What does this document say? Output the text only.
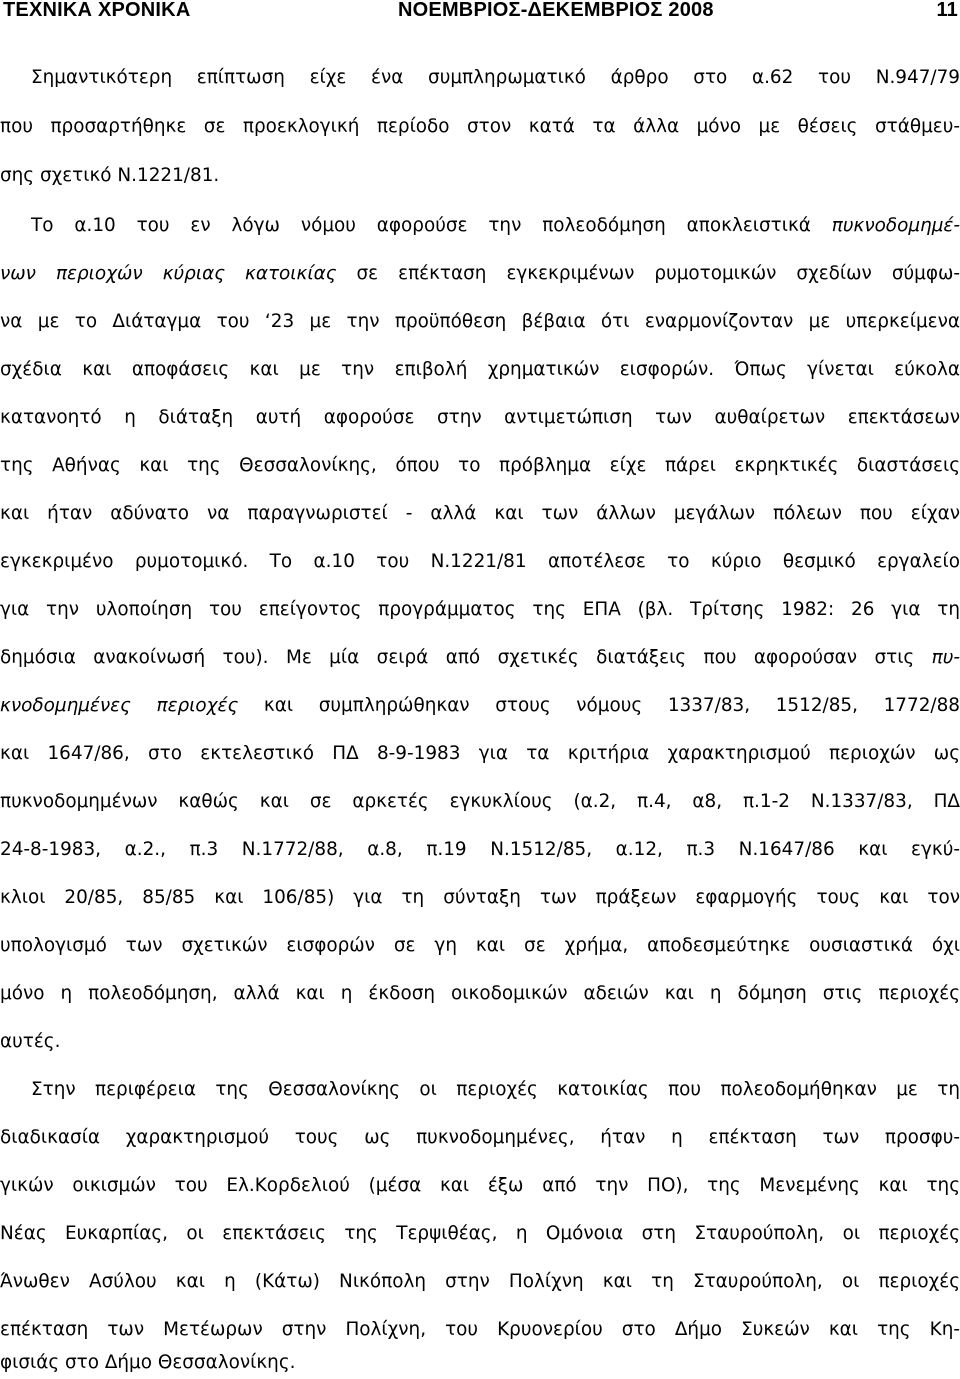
ΤΕΧΝΙΚΑ ΧΡΟΝΙΚΑ	ΝΟΕΜΒΡΙΟΣ-ΔΕΚΕΜΒΡΙΟΣ 2008	11
Σημαντικότερη επίπτωση είχε ένα συμπληρωματικό άρθρο στο α.62 του Ν.947/79
που προσαρτήθηκε σε προεκλογική περίοδο στον κατά τα άλλα μόνο με θέσεις στάθμευ-
σης σχετικό Ν.1221/81.
Το α.10 του εν λόγω νόμου αφορούσε την πολεοδόμηση αποκλειστικά πυκνοδομημέ-
νων περιοχών κύριας κατοικίας σε επέκταση εγκεκριμένων ρυμοτομικών σχεδίων σύμφω-
να με το Διάταγμα του ‘23 με την προϋπόθεση βέβαια ότι εναρμονίζονταν με υπερκείμενα
σχέδια και αποφάσεις και με την επιβολή χρηματικών εισφορών. Όπως γίνεται εύκολα
κατανοητό η διάταξη αυτή αφορούσε στην αντιμετώπιση των αυθαίρετων επεκτάσεων
της Αθήνας και της Θεσσαλονίκης, όπου το πρόβλημα είχε πάρει εκρηκτικές διαστάσεις
και ήταν αδύνατο να παραγνωριστεί - αλλά και των άλλων μεγάλων πόλεων που είχαν
εγκεκριμένο ρυμοτομικό. Το α.10 του Ν.1221/81 αποτέλεσε το κύριο θεσμικό εργαλείο
για την υλοποίηση του επείγοντος προγράμματος της ΕΠΑ (βλ. Τρίτσης 1982: 26 για τη
δημόσια ανακοίνωσή του). Με μία σειρά από σχετικές διατάξεις που αφορούσαν στις πυ-
κνοδομημένες περιοχές και συμπληρώθηκαν στους νόμους 1337/83, 1512/85, 1772/88
και 1647/86, στο εκτελεστικό ΠΔ 8-9-1983 για τα κριτήρια χαρακτηρισμού περιοχών ως
πυκνοδομημένων καθώς και σε αρκετές εγκυκλίους (α.2, π.4, α8, π.1-2 Ν.1337/83, ΠΔ
24-8-1983, α.2., π.3 Ν.1772/88, α.8, π.19 Ν.1512/85, α.12, π.3 Ν.1647/86 και εγκύ-
κλιοι 20/85, 85/85 και 106/85) για τη σύνταξη των πράξεων εφαρμογής τους και τον
υπολογισμό των σχετικών εισφορών σε γη και σε χρήμα, αποδεσμεύτηκε ουσιαστικά όχι
μόνο η πολεοδόμηση, αλλά και η έκδοση οικοδομικών αδειών και η δόμηση στις περιοχές
αυτές.
Στην περιφέρεια της Θεσσαλονίκης οι περιοχές κατοικίας που πολεοδομήθηκαν με τη
διαδικασία χαρακτηρισμού τους ως πυκνοδομημένες, ήταν η επέκταση των προσφυ-
γικών οικισμών του Ελ.Κορδελιού (μέσα και έξω από την ΠΟ), της Μενεμένης και της
Νέας Ευκαρπίας, οι επεκτάσεις της Τερψιθέας, η Ομόνοια στη Σταυρούπολη, οι περιοχές
Άνωθεν Ασύλου και η (Κάτω) Νικόπολη στην Πολίχνη και τη Σταυρούπολη, οι περιοχές
επέκταση των Μετέωρων στην Πολίχνη, του Κρυονερίου στο Δήμο Συκεών και της Κη-
φισιάς στο Δήμο Θεσσαλονίκης.
